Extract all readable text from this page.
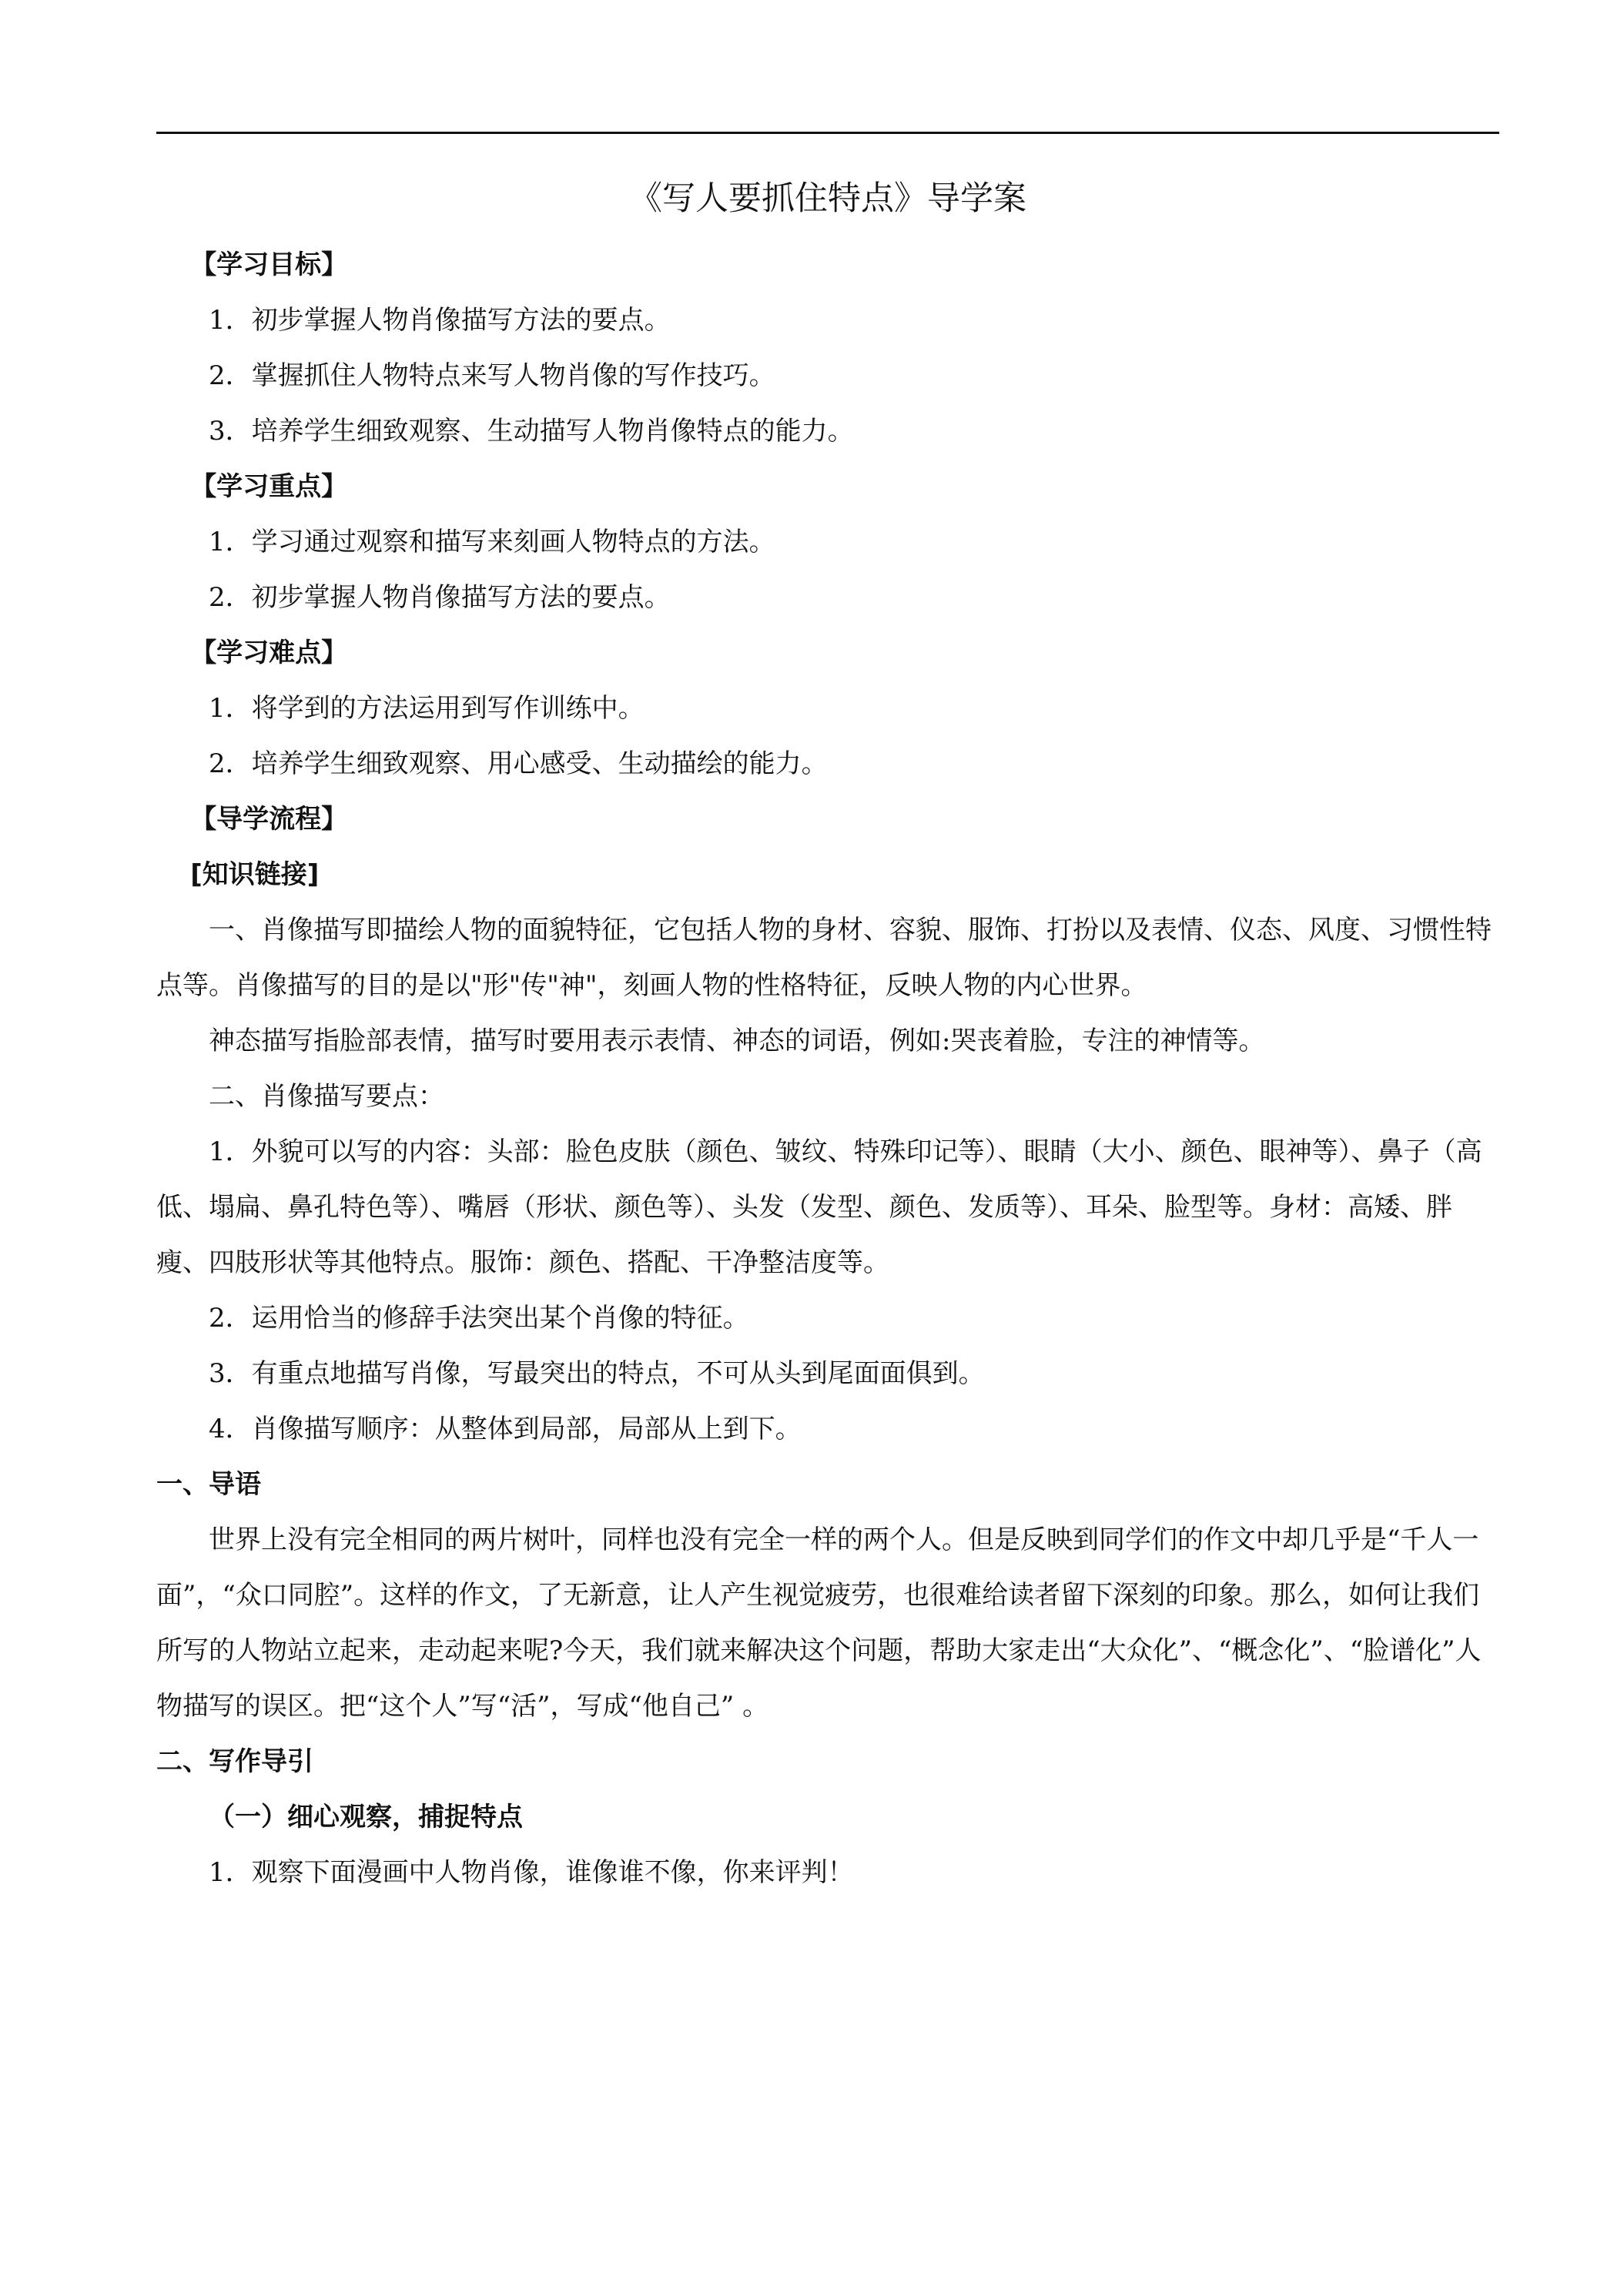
《写人要抓住特点》导学案

【学习目标】

1．初步掌握人物肖像描写方法的要点。

2．掌握抓住人物特点来写人物肖像的写作技巧。

3．培养学生细致观察、生动描写人物肖像特点的能力。

【学习重点】

1．学习通过观察和描写来刻画人物特点的方法。

2．初步掌握人物肖像描写方法的要点。

【学习难点】

1．将学到的方法运用到写作训练中。

2．培养学生细致观察、用心感受、生动描绘的能力。

【导学流程】

[知识链接]

一、肖像描写即描绘人物的面貌特征，它包括人物的身材、容貌、服饰、打扮以及表情、仪态、风度、习惯性特点等。肖像描写的目的是以"形"传"神"，刻画人物的性格特征，反映人物的内心世界。

神态描写指脸部表情，描写时要用表示表情、神态的词语，例如:哭丧着脸，专注的神情等。

二、肖像描写要点：

1．外貌可以写的内容：头部：脸色皮肤（颜色、皱纹、特殊印记等）、眼睛（大小、颜色、眼神等）、鼻子（高低、塌扁、鼻孔特色等）、嘴唇（形状、颜色等）、头发（发型、颜色、发质等）、耳朵、脸型等。身材：高矮、胖瘦、四肢形状等其他特点。服饰：颜色、搭配、干净整洁度等。

2．运用恰当的修辞手法突出某个肖像的特征。

3．有重点地描写肖像，写最突出的特点，不可从头到尾面面俱到。

4．肖像描写顺序：从整体到局部，局部从上到下。

一、导语

世界上没有完全相同的两片树叶，同样也没有完全一样的两个人。但是反映到同学们的作文中却几乎是“千人一面”，“众口同腔”。这样的作文，了无新意，让人产生视觉疲劳，也很难给读者留下深刻的印象。那么，如何让我们所写的人物站立起来，走动起来呢?今天，我们就来解决这个问题，帮助大家走出“大众化”、“概念化”、“脸谱化”人物描写的误区。把“这个人”写“活”，写成“他自己” 。

二、写作导引

（一）细心观察，捕捉特点

1．观察下面漫画中人物肖像，谁像谁不像，你来评判！
